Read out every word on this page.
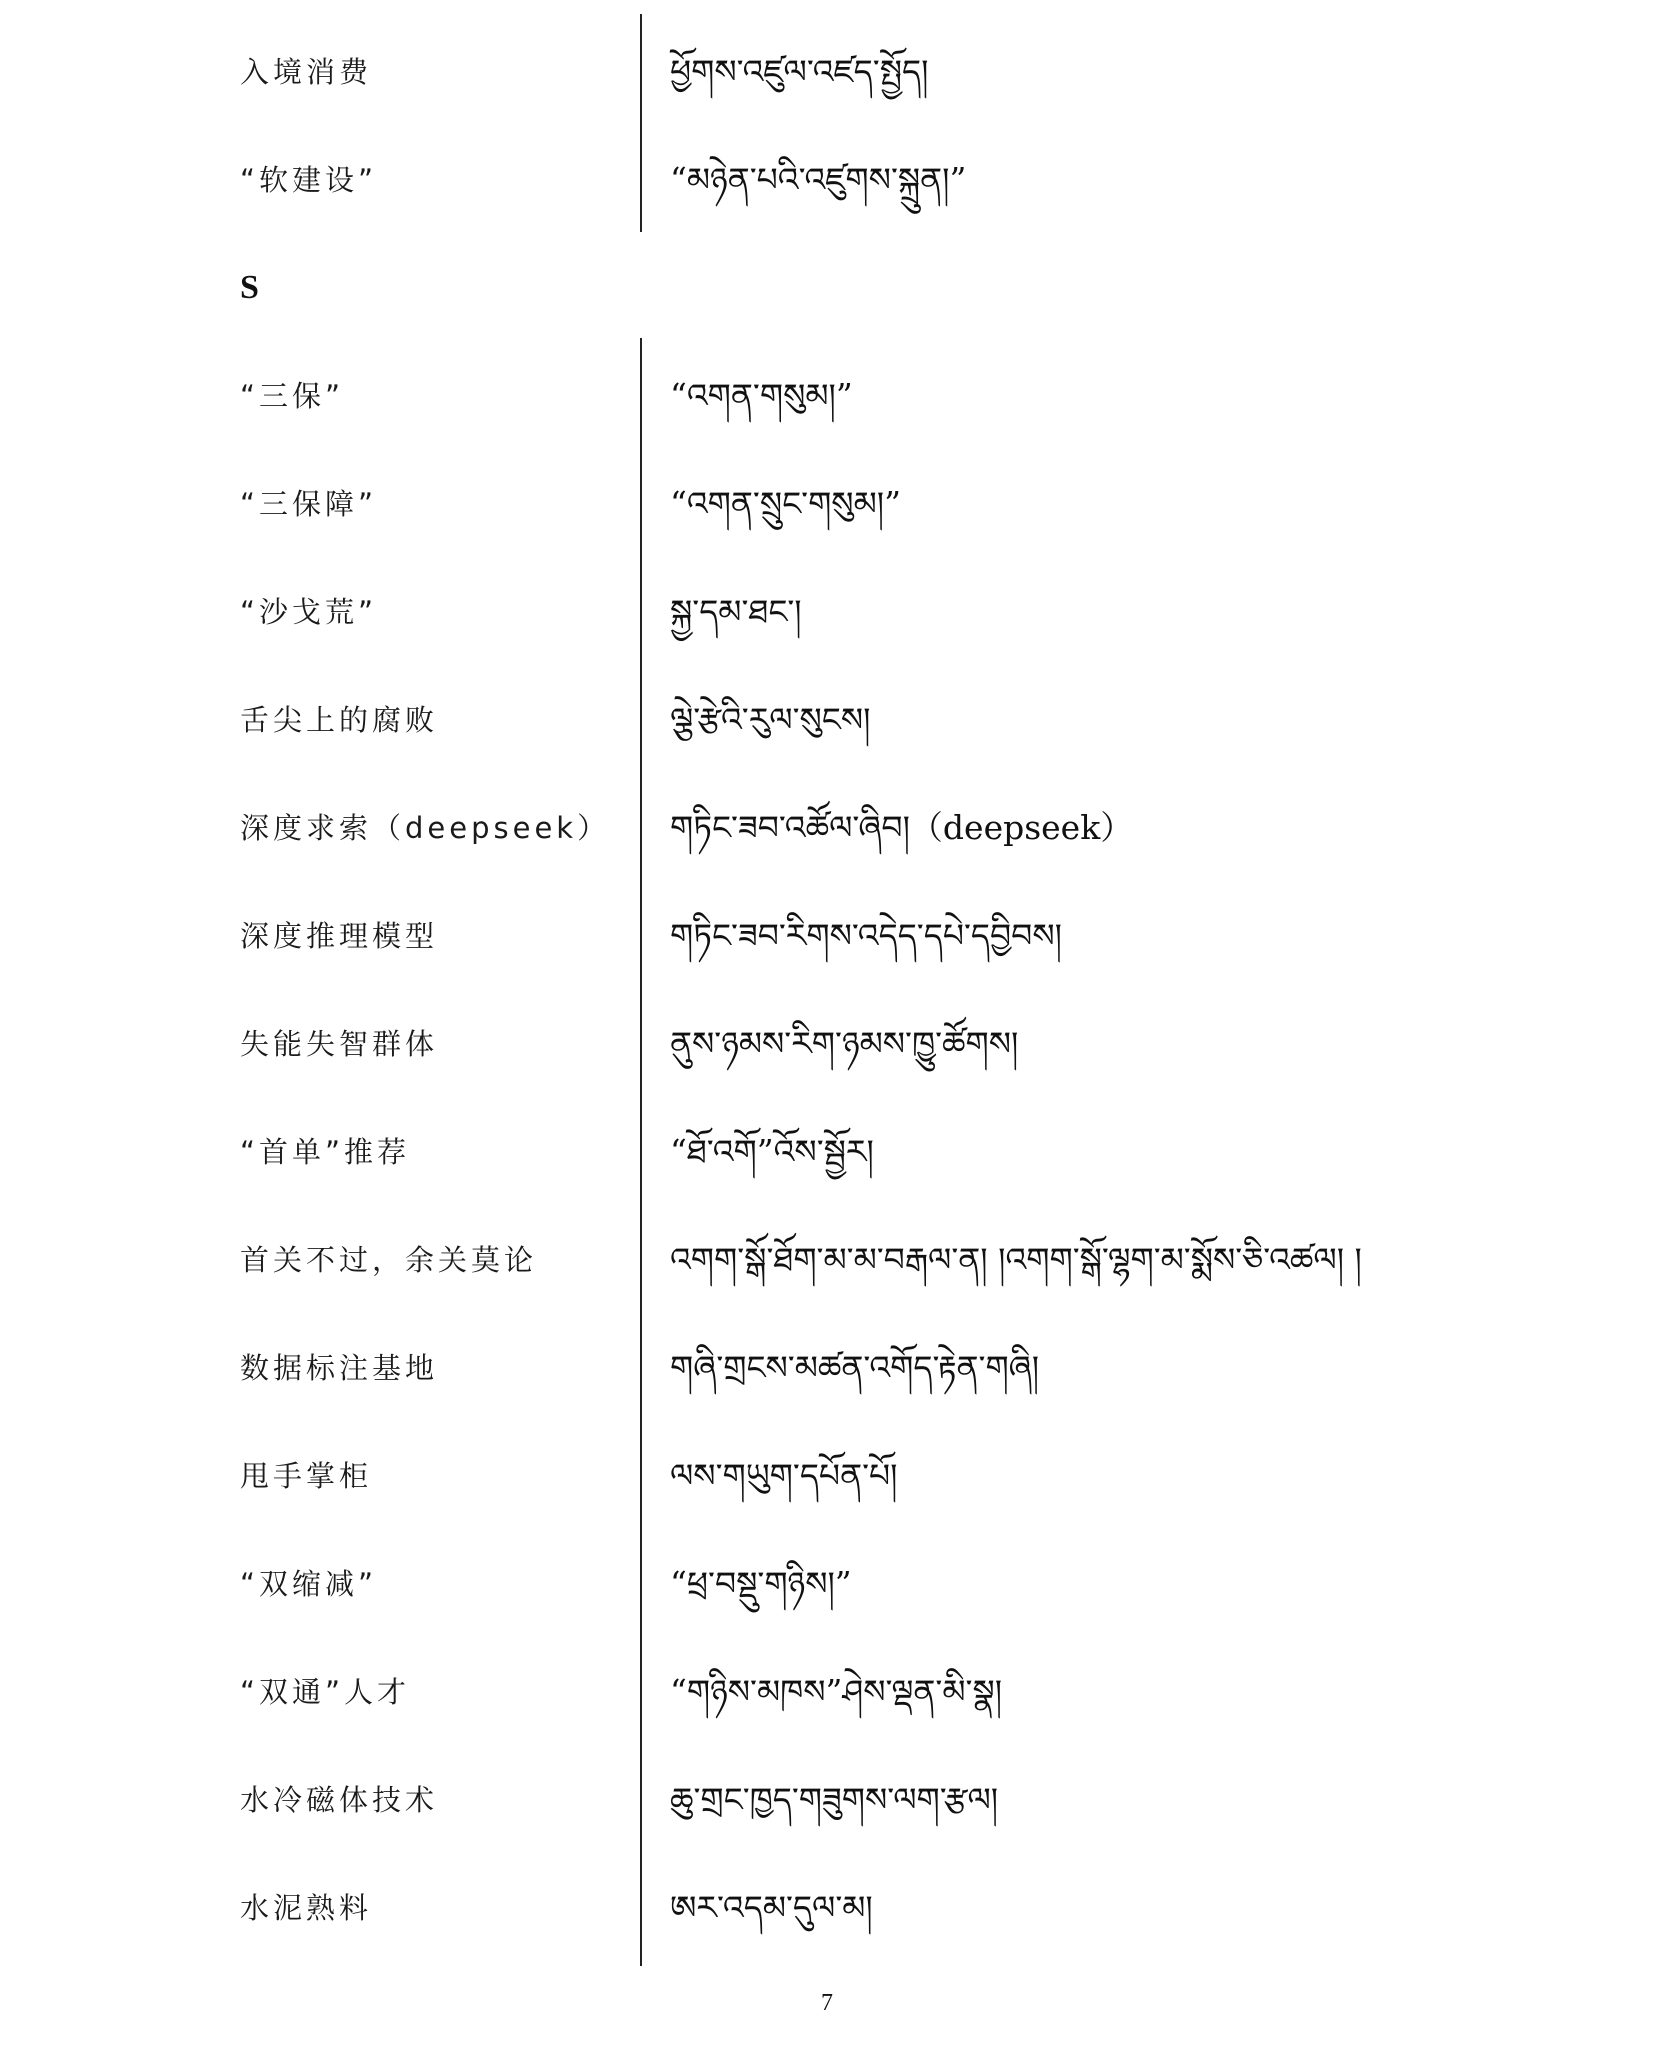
入境消费	ཕྱོགས་འཛུལ་འཛད་སྤྱོད།
“软建设”	“མཉེན་པའི་འཛུགས་སྐྲུན།”
S
“三保”	“འགན་གསུམ།”
“三保障”	“འགན་སྲུང་གསུམ།”
“沙戈荒”	སྐྱ་དམ་ཐང་།
舌尖上的腐败	ལྕེ་རྩེའི་རུལ་སུངས།
深度求索（deepseek） གཏིང་ཟབ་འཚོལ་ཞིབ།（deepseek）
深度推理模型	གཏིང་ཟབ་རིགས་འདེད་དཔེ་དབྱིབས།
失能失智群体	ནུས་ཉམས་རིག་ཉམས་ཁྱུ་ཚོགས།
“首单”推荐	“ཐོ་འགོ”འོས་སྦྱོར།
首关不过，余关莫论	འགག་སྒོ་ཐོག་མ་མ་བརྒལ་ན། །འགག་སྒོ་ལྷག་མ་སྨོས་ཅི་འཚལ། །
数据标注基地	གཞི་གྲངས་མཚན་འགོད་རྟེན་གཞི།
甩手掌柜	ལས་གཡུག་དཔོན་པོ།
“双缩减”	“ཕྲ་བསྡུ་གཉིས།”
“双通”人才	“གཉིས་མཁས”ཤེས་ལྡན་མི་སྣ།
水冷磁体技术	ཆུ་གྲང་ཁྱད་གཟུགས་ལག་རྩལ།
水泥熟料	ཨར་འདམ་དུལ་མ།
7
